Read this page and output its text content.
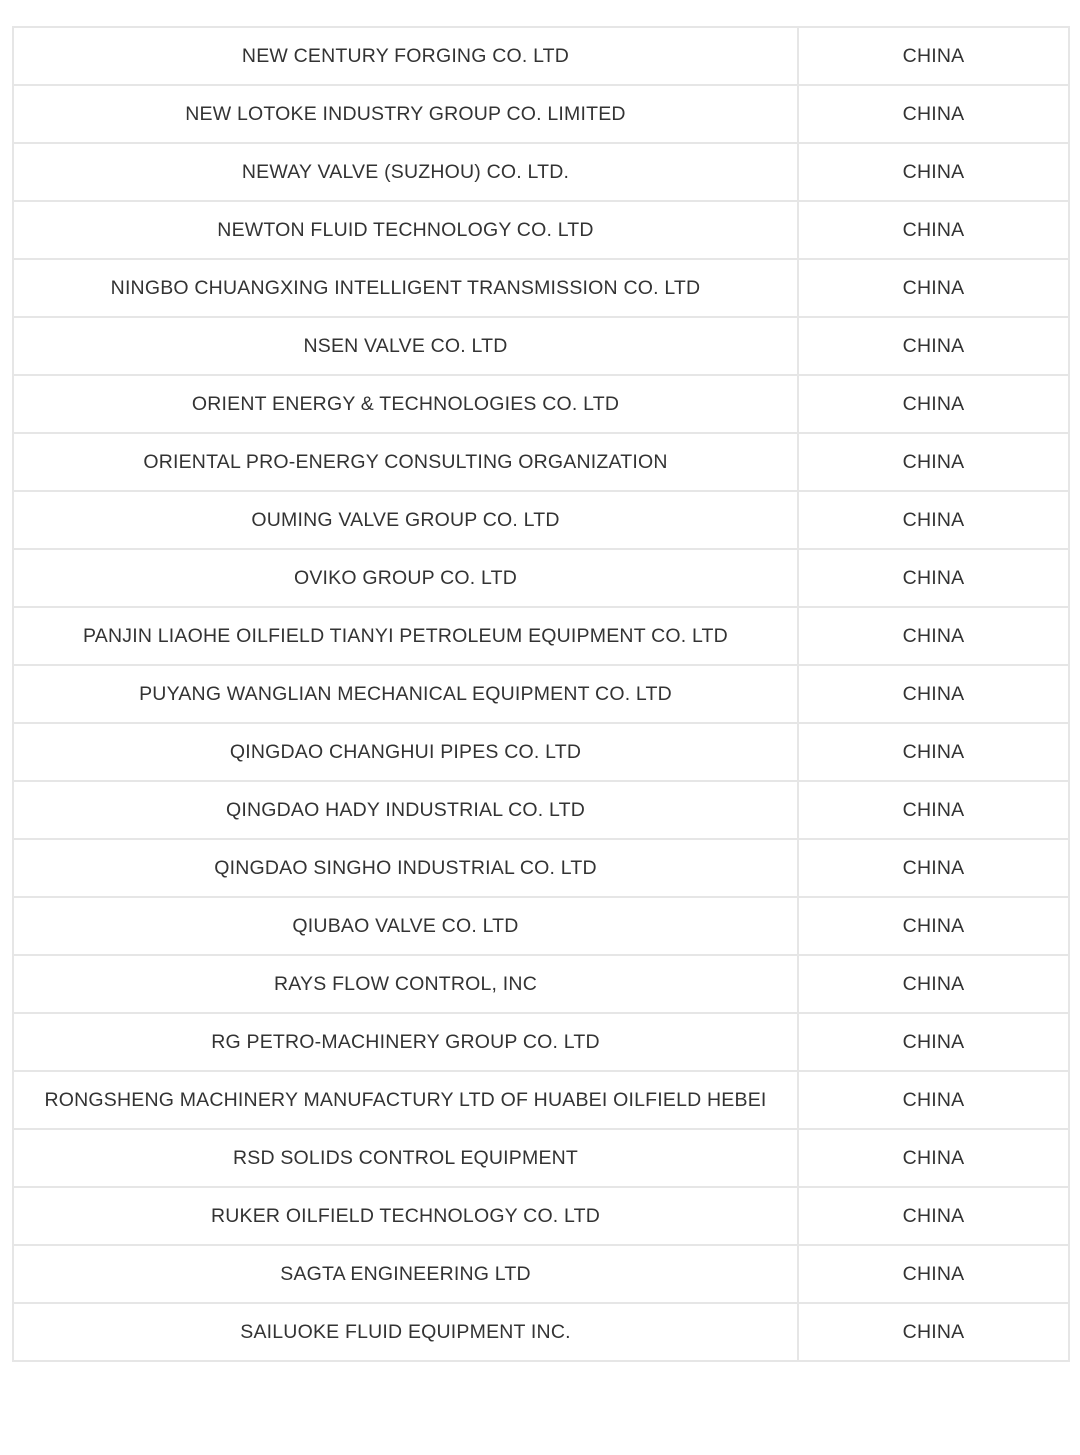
NEW CENTURY FORGING CO. LTD	CHINA
NEW LOTOKE INDUSTRY GROUP CO. LIMITED	CHINA
NEWAY VALVE (SUZHOU) CO. LTD.	CHINA
NEWTON FLUID TECHNOLOGY CO. LTD	CHINA
NINGBO CHUANGXING INTELLIGENT TRANSMISSION CO. LTD	CHINA
NSEN VALVE CO. LTD	CHINA
ORIENT ENERGY & TECHNOLOGIES CO. LTD	CHINA
ORIENTAL PRO-ENERGY CONSULTING ORGANIZATION	CHINA
OUMING VALVE GROUP CO. LTD	CHINA
OVIKO GROUP CO. LTD	CHINA
PANJIN LIAOHE OILFIELD TIANYI PETROLEUM EQUIPMENT CO. LTD	CHINA
PUYANG WANGLIAN MECHANICAL EQUIPMENT CO. LTD	CHINA
QINGDAO CHANGHUI PIPES CO. LTD	CHINA
QINGDAO HADY INDUSTRIAL CO. LTD	CHINA
QINGDAO SINGHO INDUSTRIAL CO. LTD	CHINA
QIUBAO VALVE CO. LTD	CHINA
RAYS FLOW CONTROL, INC	CHINA
RG PETRO-MACHINERY GROUP CO. LTD	CHINA
RONGSHENG MACHINERY MANUFACTURY LTD OF HUABEI OILFIELD HEBEI	CHINA
RSD SOLIDS CONTROL EQUIPMENT	CHINA
RUKER OILFIELD TECHNOLOGY CO. LTD	CHINA
SAGTA ENGINEERING LTD	CHINA
SAILUOKE FLUID EQUIPMENT INC.	CHINA
